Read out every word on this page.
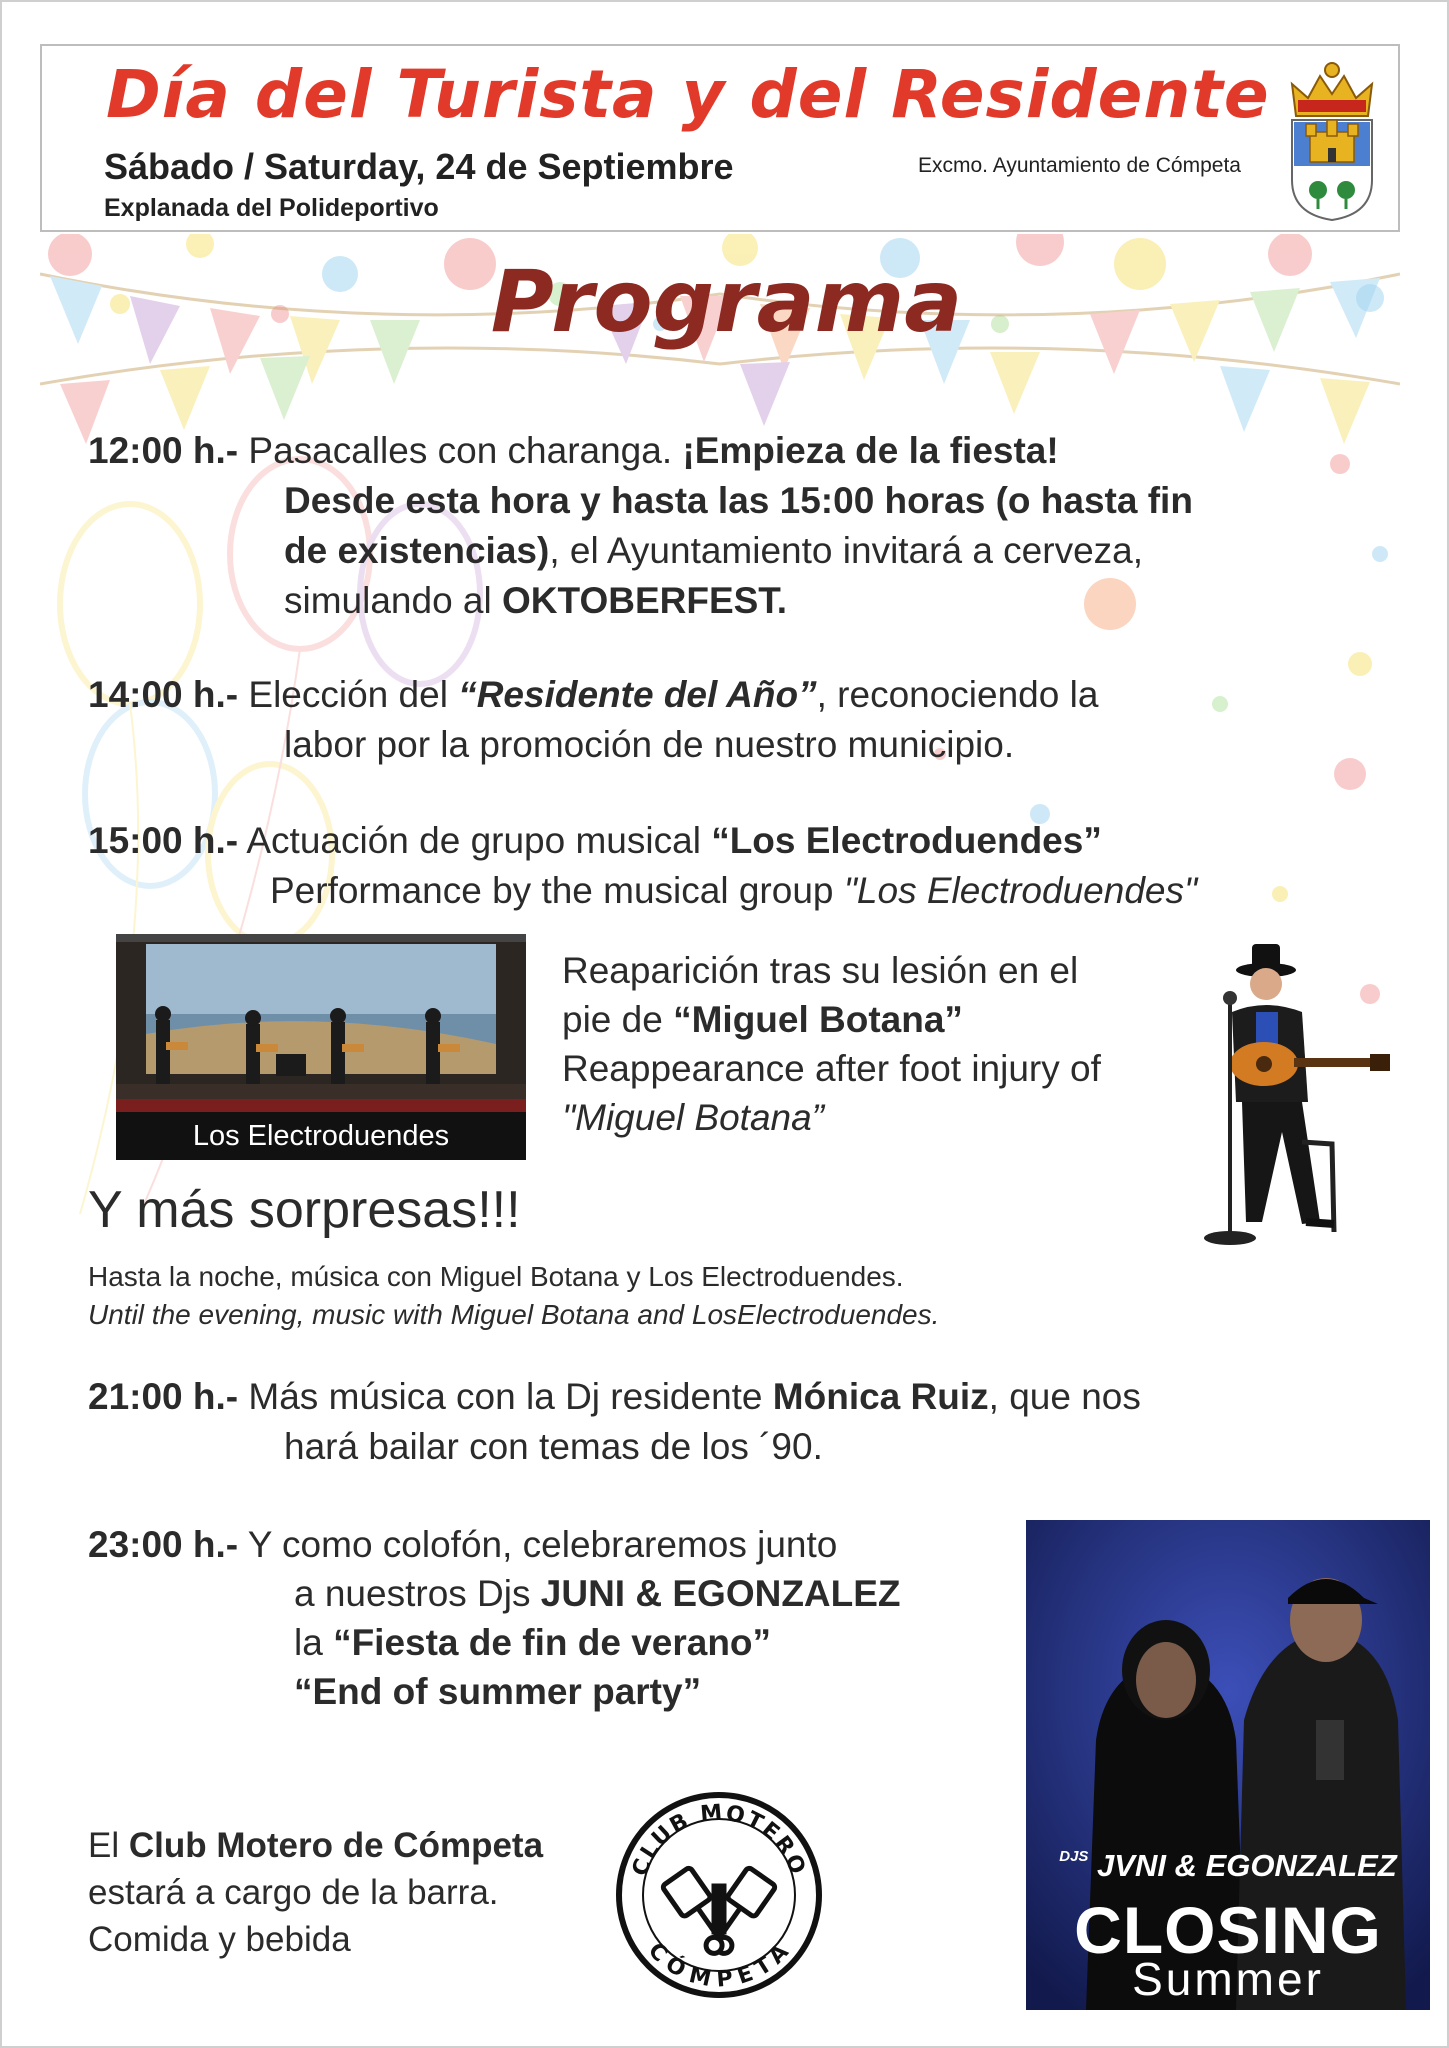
Día del Turista y del Residente
Sábado / Saturday, 24 de Septiembre
Explanada del Polideportivo
Excmo. Ayuntamiento de Cómpeta
Programa
12:00 h.- Pasacalles con charanga. ¡Empieza de la fiesta!
Desde esta hora y hasta las 15:00 horas (o hasta fin
de existencias), el Ayuntamiento invitará a cerveza,
simulando al OKTOBERFEST.
14:00 h.- Elección del “Residente del Año”, reconociendo la
labor por la promoción de nuestro municipio.
15:00 h.- Actuación de grupo musical “Los Electroduendes”
Performance by the musical group "Los Electroduendes"
Los Electroduendes
Reaparición tras su lesión en el
pie de “Miguel Botana”
Reappearance after foot injury of
"Miguel Botana”
Y más sorpresas!!!
Hasta la noche, música con Miguel Botana y Los Electroduendes.
Until the evening, music with Miguel Botana and LosElectroduendes.
21:00 h.- Más música con la Dj residente Mónica Ruiz, que nos
hará bailar con temas de los ´90.
23:00 h.- Y como colofón, celebraremos junto
a nuestros Djs JUNI & EGONZALEZ
la “Fiesta de fin de verano”
“End of summer party”
El Club Motero de Cómpeta
estará a cargo de la barra.
Comida y bebida
CLUB MOTERO
CÓMPETA
$^{DJS}$ JVNI & EGONZALEZ
CLOSING
Summer
